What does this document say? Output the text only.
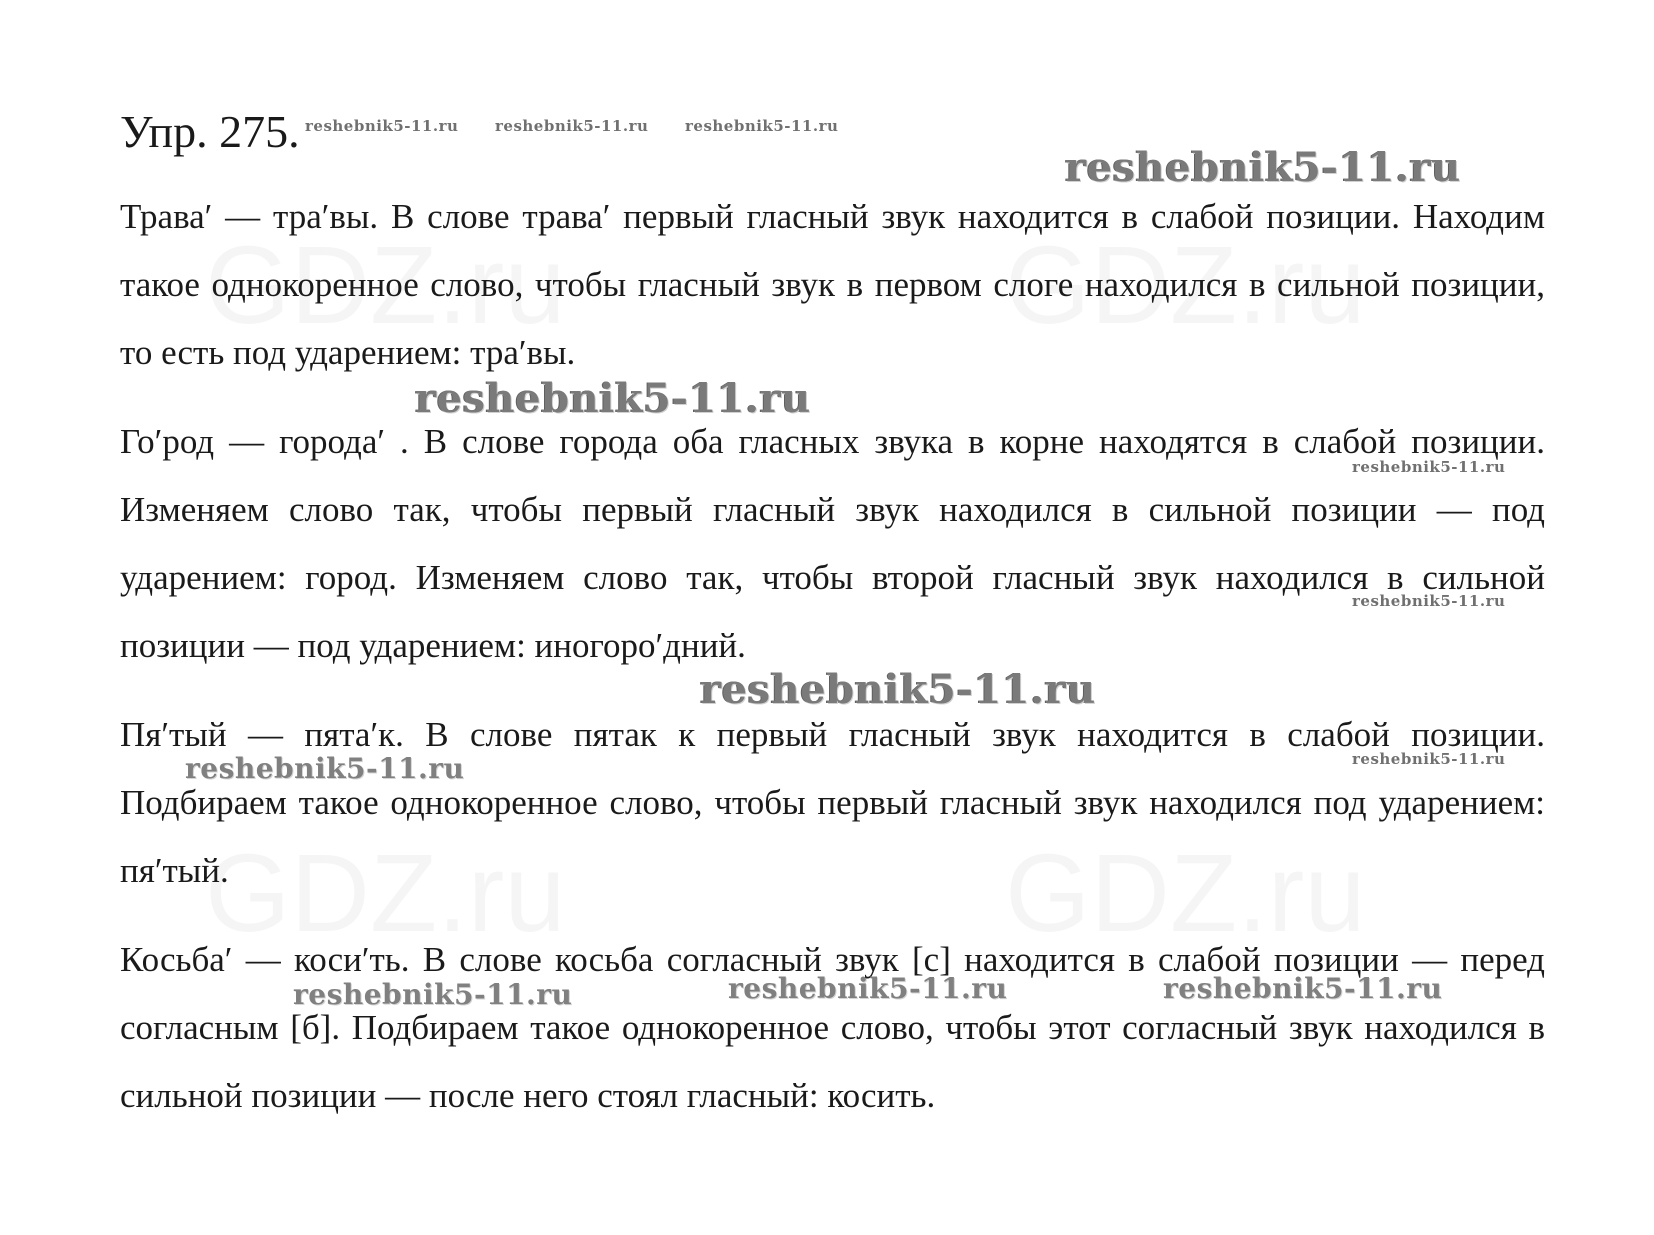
Упр. 275.

Трава′ — тра′вы. В слове трава′ первый гласный звук находится в слабой позиции. Находим такое однокоренное слово, чтобы гласный звук в первом слоге находился в сильной позиции, то есть под ударением: тра′вы.

Го′род — города′ . В слове города оба гласных звука в корне находятся в слабой позиции. Изменяем слово так, чтобы первый гласный звук находился в сильной позиции — под ударением: город. Изменяем слово так, чтобы второй гласный звук находился в сильной позиции — под ударением: иногоро′дний.

Пя′тый — пята′к. В слове пятак к первый гласный звук находится в слабой позиции. Подбираем такое однокоренное слово, чтобы первый гласный звук находился под ударением: пя′тый.

Косьба′ — коси′ть. В слове косьба согласный звук [с] находится в слабой позиции — перед согласным [б]. Подбираем такое однокоренное слово, чтобы этот согласный звук находился в сильной позиции — после него стоял гласный: косить.

reshebnik5-11.ru reshebnik5-11.ru reshebnik5-11.ru
reshebnik5-11.ru
reshebnik5-11.ru
reshebnik5-11.ru
reshebnik5-11.ru
reshebnik5-11.ru
reshebnik5-11.ru	reshebnik5-11.ru
reshebnik5-11.ru	reshebnik5-11.ru	reshebnik5-11.ru
